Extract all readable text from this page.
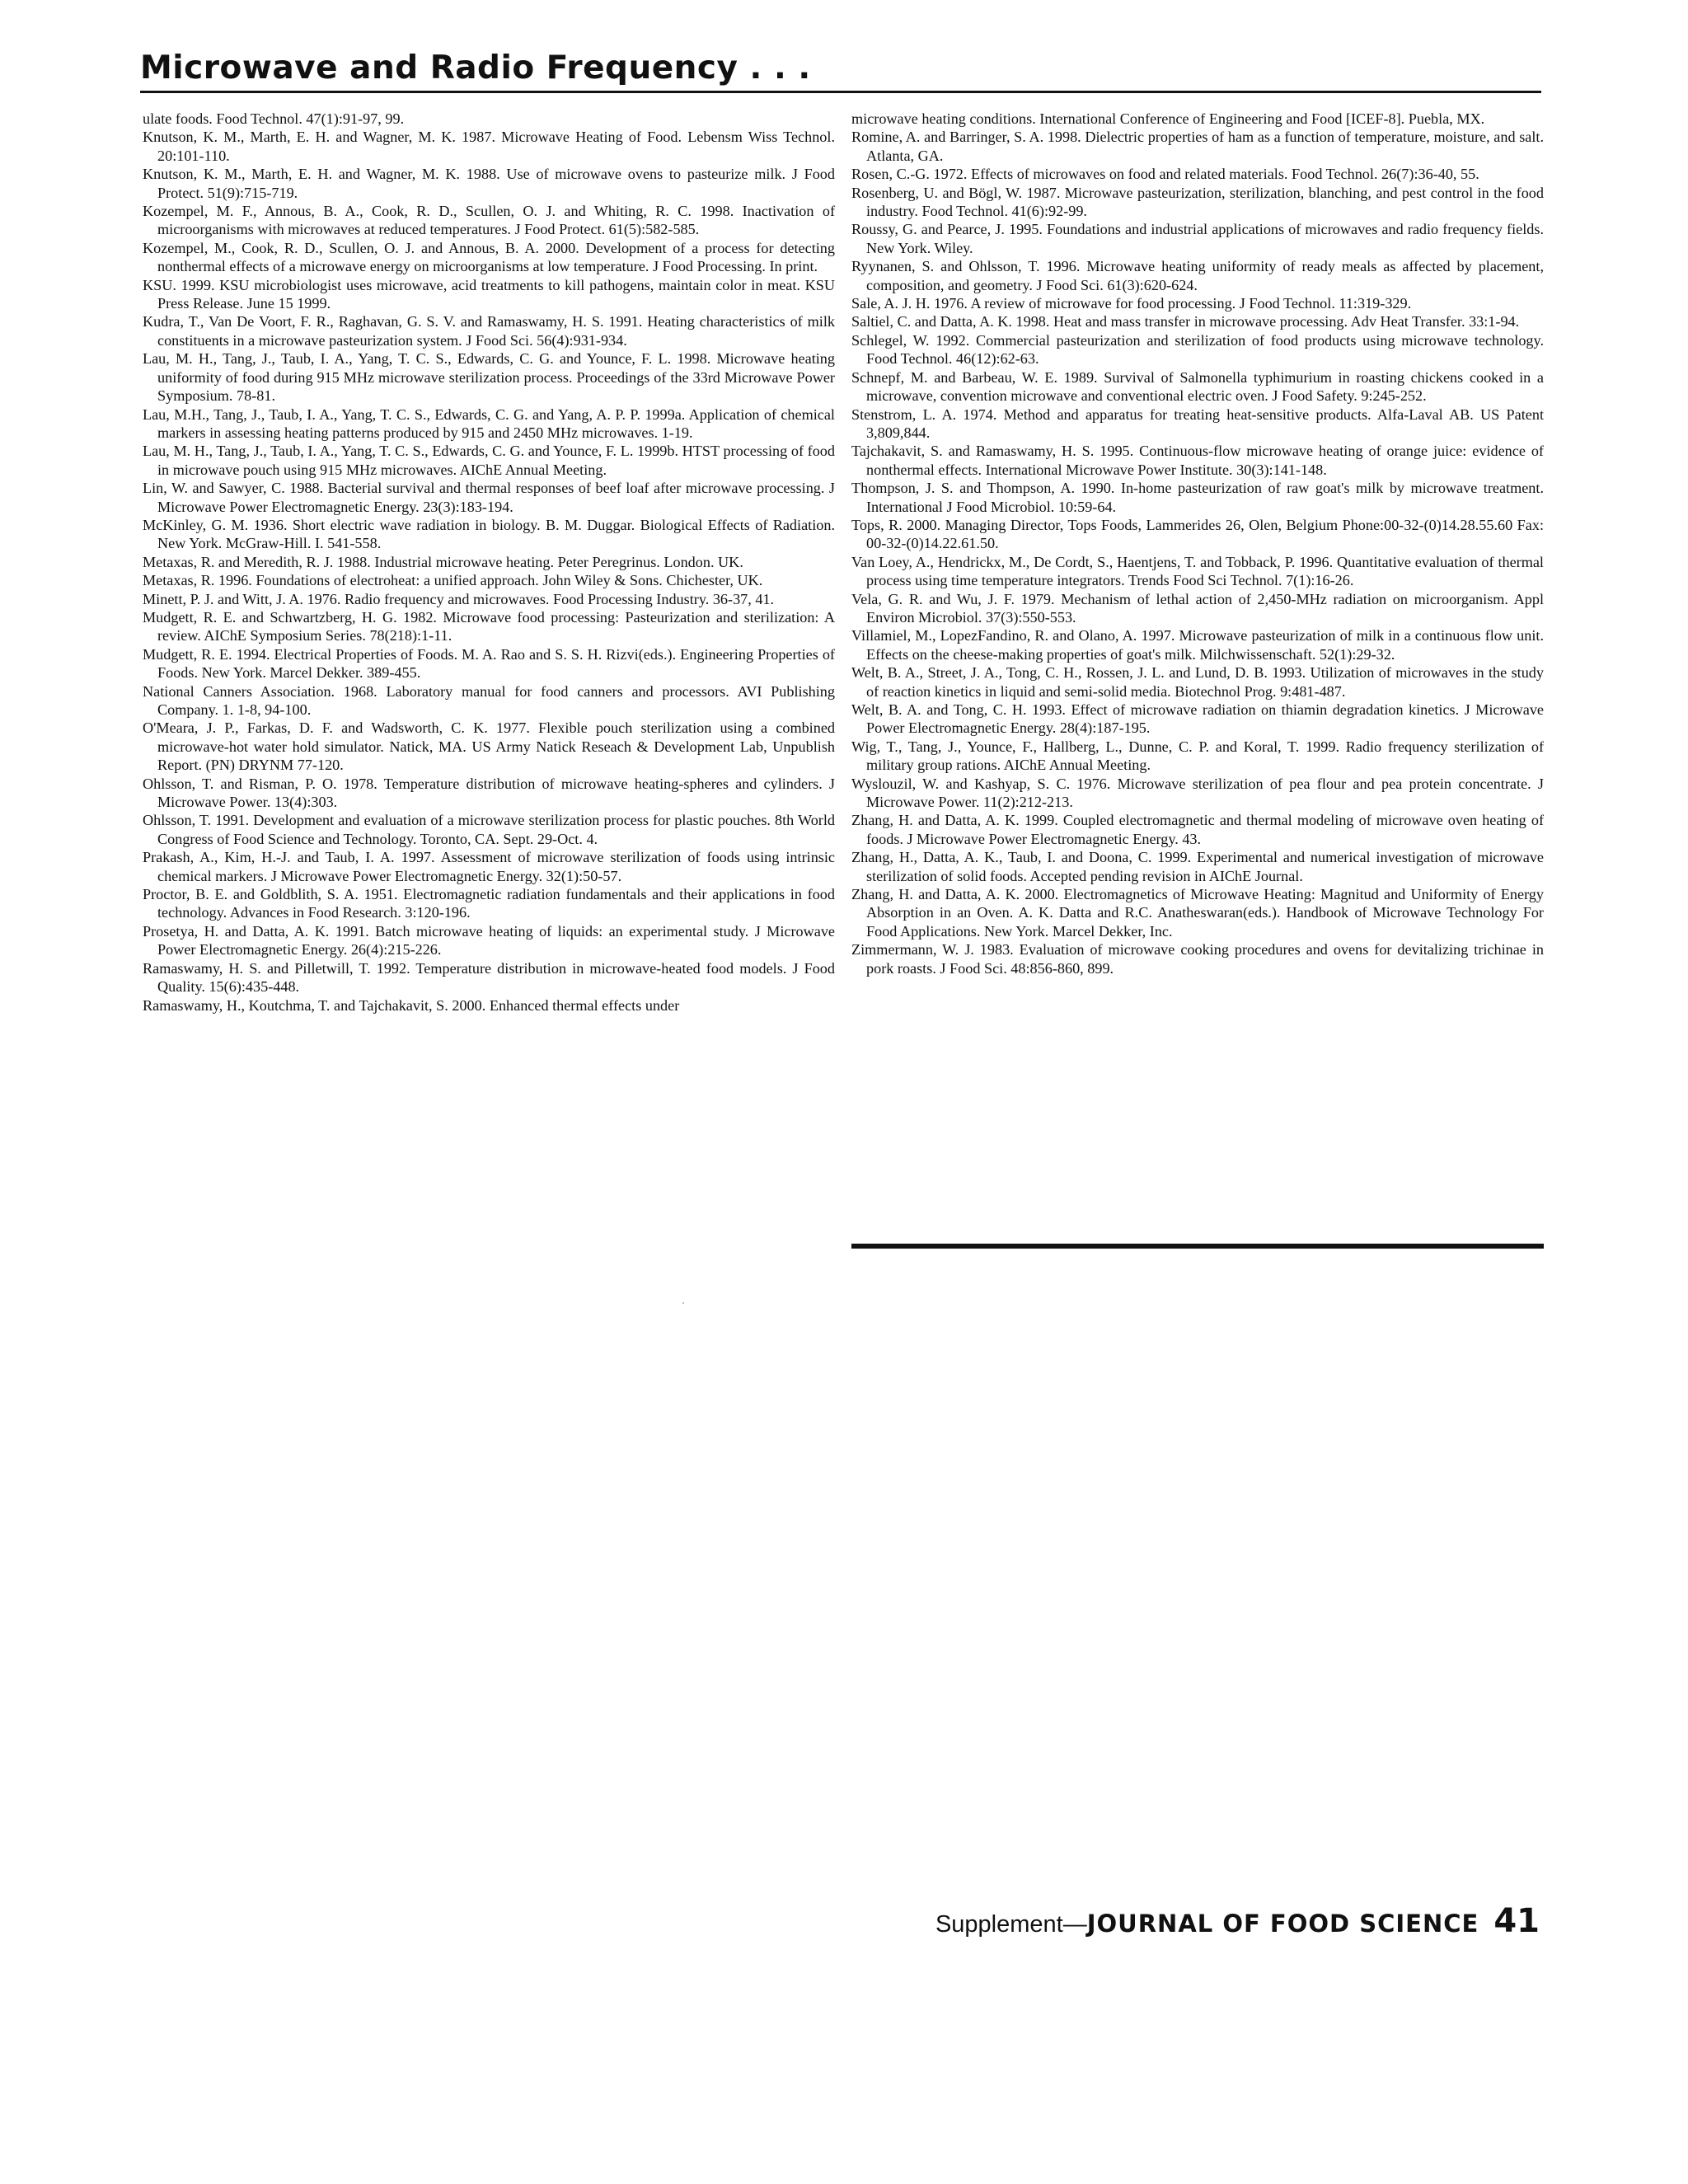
Microwave and Radio Frequency . . .

ulate foods. Food Technol. 47(1):91-97, 99.

Knutson, K. M., Marth, E. H. and Wagner, M. K. 1987. Microwave Heating of Food. Lebensm Wiss Technol. 20:101-110.

Knutson, K. M., Marth, E. H. and Wagner, M. K. 1988. Use of microwave ovens to pasteurize milk. J Food Protect. 51(9):715-719.

Kozempel, M. F., Annous, B. A., Cook, R. D., Scullen, O. J. and Whiting, R. C. 1998. Inactivation of microorganisms with microwaves at reduced temperatures. J Food Protect. 61(5):582-585.

Kozempel, M., Cook, R. D., Scullen, O. J. and Annous, B. A. 2000. Development of a process for detecting nonthermal effects of a microwave energy on microorganisms at low temperature. J Food Processing. In print.

KSU. 1999. KSU microbiologist uses microwave, acid treatments to kill pathogens, maintain color in meat. KSU Press Release. June 15 1999.

Kudra, T., Van De Voort, F. R., Raghavan, G. S. V. and Ramaswamy, H. S. 1991. Heating characteristics of milk constituents in a microwave pasteurization system. J Food Sci. 56(4):931-934.

Lau, M. H., Tang, J., Taub, I. A., Yang, T. C. S., Edwards, C. G. and Younce, F. L. 1998. Microwave heating uniformity of food during 915 MHz microwave sterilization process. Proceedings of the 33rd Microwave Power Symposium. 78-81.

Lau, M.H., Tang, J., Taub, I. A., Yang, T. C. S., Edwards, C. G. and Yang, A. P. P. 1999a. Application of chemical markers in assessing heating patterns produced by 915 and 2450 MHz microwaves. 1-19.

Lau, M. H., Tang, J., Taub, I. A., Yang, T. C. S., Edwards, C. G. and Younce, F. L. 1999b. HTST processing of food in microwave pouch using 915 MHz microwaves. AIChE Annual Meeting.

Lin, W. and Sawyer, C. 1988. Bacterial survival and thermal responses of beef loaf after microwave processing. J Microwave Power Electromagnetic Energy. 23(3):183-194.

McKinley, G. M. 1936. Short electric wave radiation in biology. B. M. Duggar. Biological Effects of Radiation. New York. McGraw-Hill. I. 541-558.

Metaxas, R. and Meredith, R. J. 1988. Industrial microwave heating. Peter Peregrinus. London. UK.

Metaxas, R. 1996. Foundations of electroheat: a unified approach. John Wiley & Sons. Chichester, UK.

Minett, P. J. and Witt, J. A. 1976. Radio frequency and microwaves. Food Processing Industry. 36-37, 41.

Mudgett, R. E. and Schwartzberg, H. G. 1982. Microwave food processing: Pasteurization and sterilization: A review. AIChE Symposium Series. 78(218):1-11.

Mudgett, R. E. 1994. Electrical Properties of Foods. M. A. Rao and S. S. H. Rizvi(eds.). Engineering Properties of Foods. New York. Marcel Dekker. 389-455.

National Canners Association. 1968. Laboratory manual for food canners and processors. AVI Publishing Company. 1. 1-8, 94-100.

O'Meara, J. P., Farkas, D. F. and Wadsworth, C. K. 1977. Flexible pouch sterilization using a combined microwave-hot water hold simulator. Natick, MA. US Army Natick Reseach & Development Lab, Unpublish Report. (PN) DRYNM 77-120.

Ohlsson, T. and Risman, P. O. 1978. Temperature distribution of microwave heating-spheres and cylinders. J Microwave Power. 13(4):303.

Ohlsson, T. 1991. Development and evaluation of a microwave sterilization process for plastic pouches. 8th World Congress of Food Science and Technology. Toronto, CA. Sept. 29-Oct. 4.

Prakash, A., Kim, H.-J. and Taub, I. A. 1997. Assessment of microwave sterilization of foods using intrinsic chemical markers. J Microwave Power Electromagnetic Energy. 32(1):50-57.

Proctor, B. E. and Goldblith, S. A. 1951. Electromagnetic radiation fundamentals and their applications in food technology. Advances in Food Research. 3:120-196.

Prosetya, H. and Datta, A. K. 1991. Batch microwave heating of liquids: an experimental study. J Microwave Power Electromagnetic Energy. 26(4):215-226.

Ramaswamy, H. S. and Pilletwill, T. 1992. Temperature distribution in microwave-heated food models. J Food Quality. 15(6):435-448.

Ramaswamy, H., Koutchma, T. and Tajchakavit, S. 2000. Enhanced thermal effects under

microwave heating conditions. International Conference of Engineering and Food [ICEF-8]. Puebla, MX.

Romine, A. and Barringer, S. A. 1998. Dielectric properties of ham as a function of temperature, moisture, and salt. Atlanta, GA.

Rosen, C.-G. 1972. Effects of microwaves on food and related materials. Food Technol. 26(7):36-40, 55.

Rosenberg, U. and Bögl, W. 1987. Microwave pasteurization, sterilization, blanching, and pest control in the food industry. Food Technol. 41(6):92-99.

Roussy, G. and Pearce, J. 1995. Foundations and industrial applications of microwaves and radio frequency fields. New York. Wiley.

Ryynanen, S. and Ohlsson, T. 1996. Microwave heating uniformity of ready meals as affected by placement, composition, and geometry. J Food Sci. 61(3):620-624.

Sale, A. J. H. 1976. A review of microwave for food processing. J Food Technol. 11:319-329.

Saltiel, C. and Datta, A. K. 1998. Heat and mass transfer in microwave processing. Adv Heat Transfer. 33:1-94.

Schlegel, W. 1992. Commercial pasteurization and sterilization of food products using microwave technology. Food Technol. 46(12):62-63.

Schnepf, M. and Barbeau, W. E. 1989. Survival of Salmonella typhimurium in roasting chickens cooked in a microwave, convention microwave and conventional electric oven. J Food Safety. 9:245-252.

Stenstrom, L. A. 1974. Method and apparatus for treating heat-sensitive products. Alfa-Laval AB. US Patent 3,809,844.

Tajchakavit, S. and Ramaswamy, H. S. 1995. Continuous-flow microwave heating of orange juice: evidence of nonthermal effects. International Microwave Power Institute. 30(3):141-148.

Thompson, J. S. and Thompson, A. 1990. In-home pasteurization of raw goat's milk by microwave treatment. International J Food Microbiol. 10:59-64.

Tops, R. 2000. Managing Director, Tops Foods, Lammerides 26, Olen, Belgium Phone:00-32-(0)14.28.55.60 Fax: 00-32-(0)14.22.61.50.

Van Loey, A., Hendrickx, M., De Cordt, S., Haentjens, T. and Tobback, P. 1996. Quantitative evaluation of thermal process using time temperature integrators. Trends Food Sci Technol. 7(1):16-26.

Vela, G. R. and Wu, J. F. 1979. Mechanism of lethal action of 2,450-MHz radiation on microorganism. Appl Environ Microbiol. 37(3):550-553.

Villamiel, M., LopezFandino, R. and Olano, A. 1997. Microwave pasteurization of milk in a continuous flow unit. Effects on the cheese-making properties of goat's milk. Milchwissenschaft. 52(1):29-32.

Welt, B. A., Street, J. A., Tong, C. H., Rossen, J. L. and Lund, D. B. 1993. Utilization of microwaves in the study of reaction kinetics in liquid and semi-solid media. Biotechnol Prog. 9:481-487.

Welt, B. A. and Tong, C. H. 1993. Effect of microwave radiation on thiamin degradation kinetics. J Microwave Power Electromagnetic Energy. 28(4):187-195.

Wig, T., Tang, J., Younce, F., Hallberg, L., Dunne, C. P. and Koral, T. 1999. Radio frequency sterilization of military group rations. AIChE Annual Meeting.

Wyslouzil, W. and Kashyap, S. C. 1976. Microwave sterilization of pea flour and pea protein concentrate. J Microwave Power. 11(2):212-213.

Zhang, H. and Datta, A. K. 1999. Coupled electromagnetic and thermal modeling of microwave oven heating of foods. J Microwave Power Electromagnetic Energy. 43.

Zhang, H., Datta, A. K., Taub, I. and Doona, C. 1999. Experimental and numerical investigation of microwave sterilization of solid foods. Accepted pending revision in AIChE Journal.

Zhang, H. and Datta, A. K. 2000. Electromagnetics of Microwave Heating: Magnitud and Uniformity of Energy Absorption in an Oven. A. K. Datta and R.C. Anatheswaran(eds.). Handbook of Microwave Technology For Food Applications. New York. Marcel Dekker, Inc.

Zimmermann, W. J. 1983. Evaluation of microwave cooking procedures and ovens for devitalizing trichinae in pork roasts. J Food Sci. 48:856-860, 899.

Supplement— JOURNAL OF FOOD SCIENCE 41
